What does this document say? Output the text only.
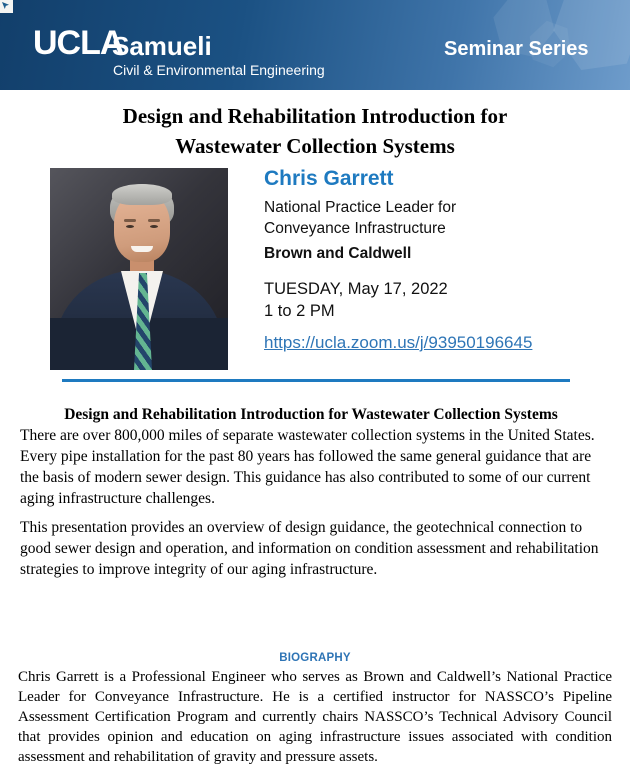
UCLA
Samueli
Civil & Environmental Engineering
Seminar Series
Design and Rehabilitation Introduction for
Wastewater Collection Systems
Chris Garrett
National Practice Leader for
Conveyance Infrastructure
Brown and Caldwell
TUESDAY, May 17, 2022
1 to 2 PM
https://ucla.zoom.us/j/93950196645
Design and Rehabilitation Introduction for Wastewater Collection Systems

There are over 800,000 miles of separate wastewater collection systems in the United States. Every pipe installation for the past 80 years has followed the same general guidance that are the basis of modern sewer design. This guidance has also contributed to some of our current aging infrastructure challenges.

This presentation provides an overview of design guidance, the geotechnical connection to good sewer design and operation, and information on condition assessment and rehabilitation strategies to improve integrity of our aging infrastructure.

BIOGRAPHY
Chris Garrett is a Professional Engineer who serves as Brown and Caldwell’s National Practice Leader for Conveyance Infrastructure. He is a certified instructor for NASSCO’s Pipeline Assessment Certification Program and currently chairs NASSCO’s Technical Advisory Council that provides opinion and education on aging infrastructure issues associated with condition assessment and rehabilitation of gravity and pressure assets.
